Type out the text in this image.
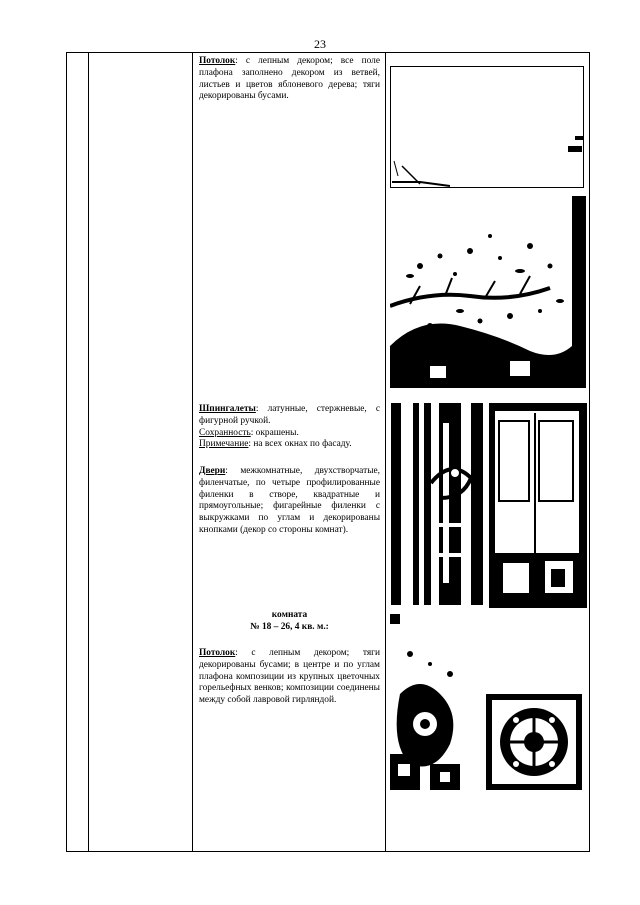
23

Потолок: с лепным декором; все поле плафона заполнено декором из ветвей, листьев и цветов яблоневого дерева; тяги декорированы бусами.

Шпингалеты: латунные, стержневые, с фигурной ручкой.

Сохранность: окрашены.

Примечание: на всех окнах по фасаду.

Двери: межкомнатные, двухстворчатые, филенчатые, по четыре профилированные филенки в створе, квадратные и прямоугольные; фигарейные филенки с выкружками по углам и декорированы кнопками (декор со стороны комнат).

комната

№ 18 – 26, 4 кв. м.:

Потолок: с лепным декором; тяги декорированы бусами; в центре и по углам плафона композиции из крупных цветочных горельефных венков; композиции соединены между собой лавровой гирляндой.
